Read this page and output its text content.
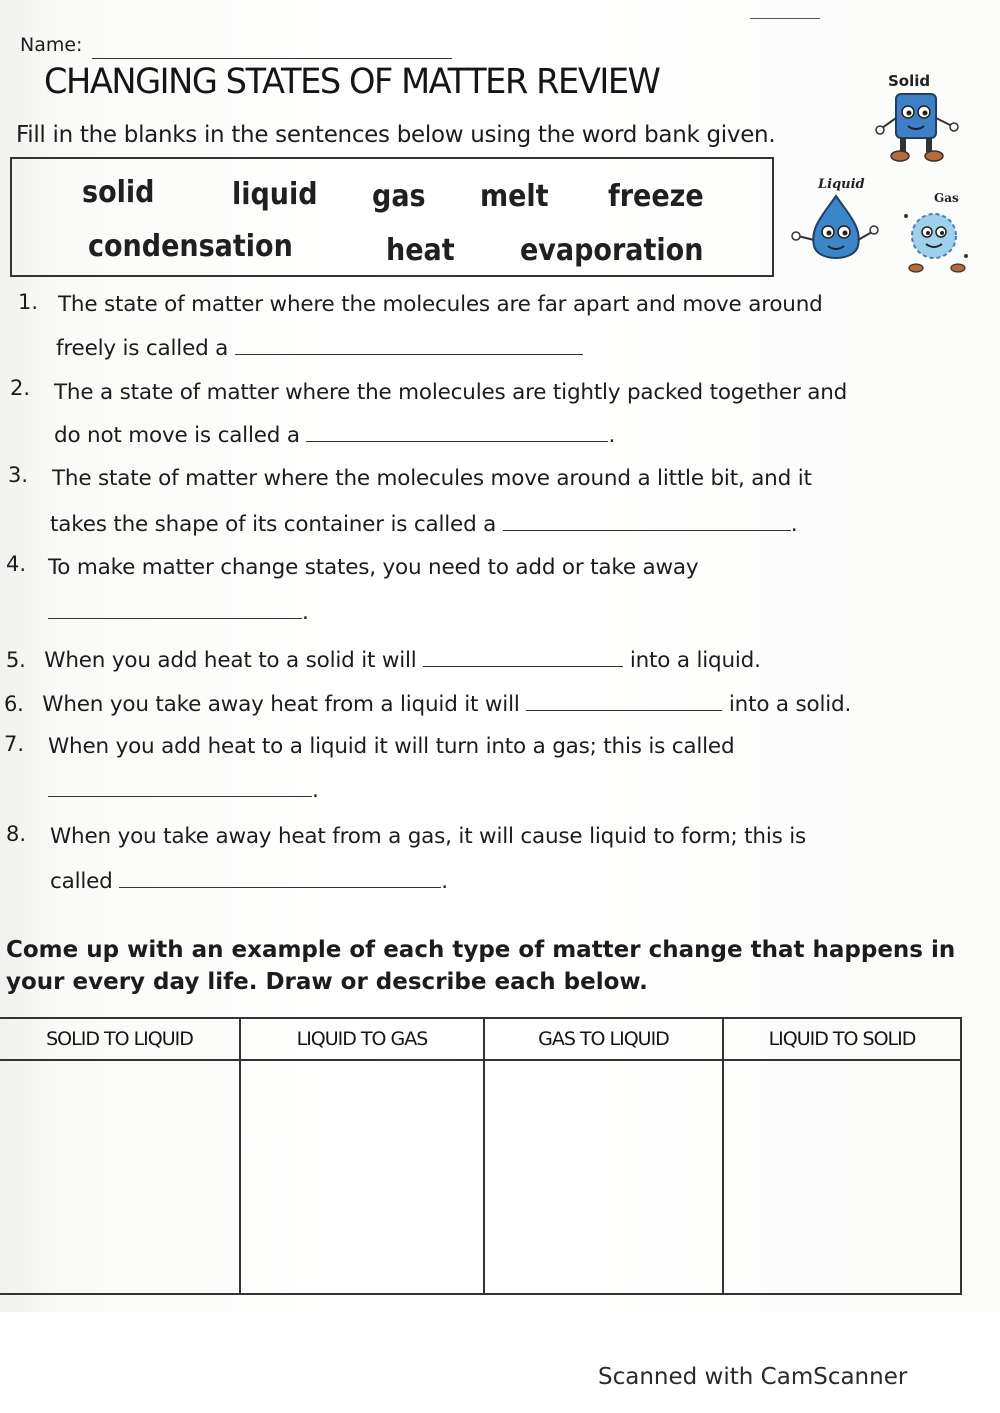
Name:
CHANGING STATES OF MATTER REVIEW
Fill in the blanks in the sentences below using the word bank given.
solid	liquid gas melt freeze
condensation	heat evaporation
Solid
Liquid
Gas
1. The state of matter where the molecules are far apart and move around
freely is called a
2. The a state of matter where the molecules are tightly packed together and
do not move is called a	.
3. The state of matter where the molecules move around a little bit, and it
takes the shape of its container is called a	.
4. To make matter change states, you need to add or take away
.
5. When you add heat to a solid it will	into a liquid.
6. When you take away heat from a liquid it will	into a solid.
7. When you add heat to a liquid it will turn into a gas; this is called
.
8. When you take away heat from a gas, it will cause liquid to form; this is
called	.
Come up with an example of each type of matter change that happens in your every day life. Draw or describe each below.
SOLID TO LIQUID	LIQUID TO GAS	GAS TO LIQUID	LIQUID TO SOLID

Scanned with CamScanner
